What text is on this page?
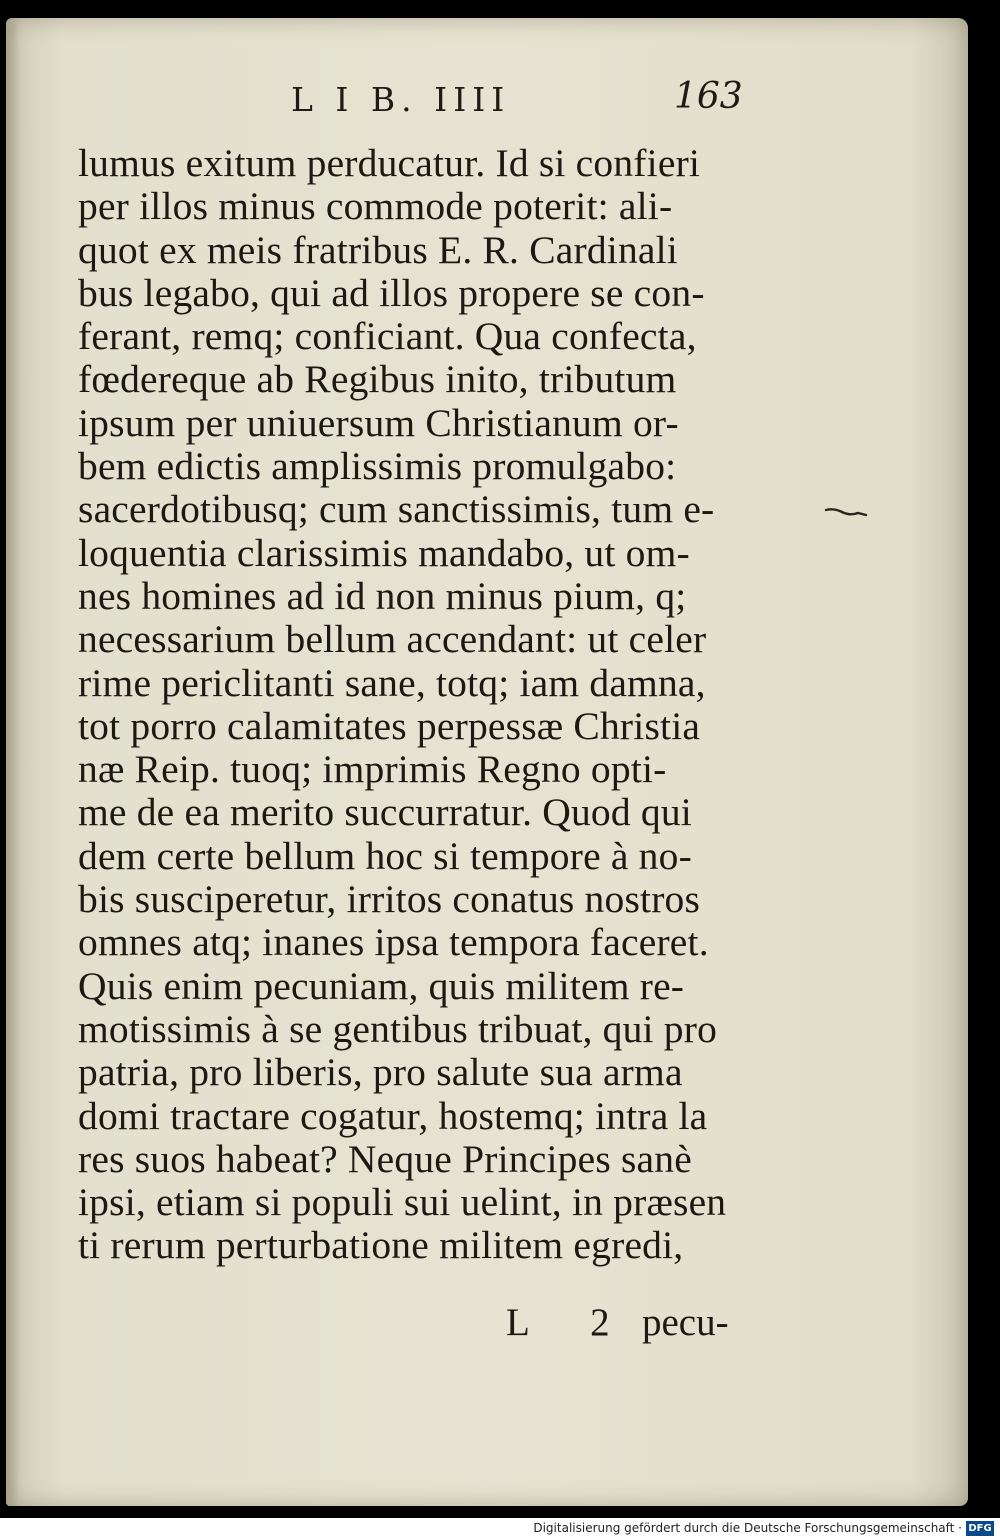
L I B. IIII	163
lumus exitum perducatur. Id si confieri
per illos minus commode poterit: ali-
quot ex meis fratribus E. R. Cardinali
bus legabo, qui ad illos propere se con-
ferant, remq; conficiant. Qua confecta,
fœdereque ab Regibus inito, tributum
ipsum per uniuersum Christianum or-
bem edictis amplissimis promulgabo:
sacerdotibusq; cum sanctissimis, tum e-
loquentia clarissimis mandabo, ut om-
nes homines ad id non minus pium, q;
necessarium bellum accendant: ut celer
rime periclitanti sane, totq; iam damna,
tot porro calamitates perpessæ Christia
næ Reip. tuoq; imprimis Regno opti-
me de ea merito succurratur. Quod qui
dem certe bellum hoc si tempore à no-
bis susciperetur, irritos conatus nostros
omnes atq; inanes ipsa tempora faceret.
Quis enim pecuniam, quis militem re-
motissimis à se gentibus tribuat, qui pro
patria, pro liberis, pro salute sua arma
domi tractare cogatur, hostemq; intra la
res suos habeat? Neque Principes sanè
ipsi, etiam si populi sui uelint, in præsen
ti rerum perturbatione militem egredi,
L 2 pecu-
Digitalisierung gefördert durch die Deutsche Forschungsgemeinschaft · DFG
